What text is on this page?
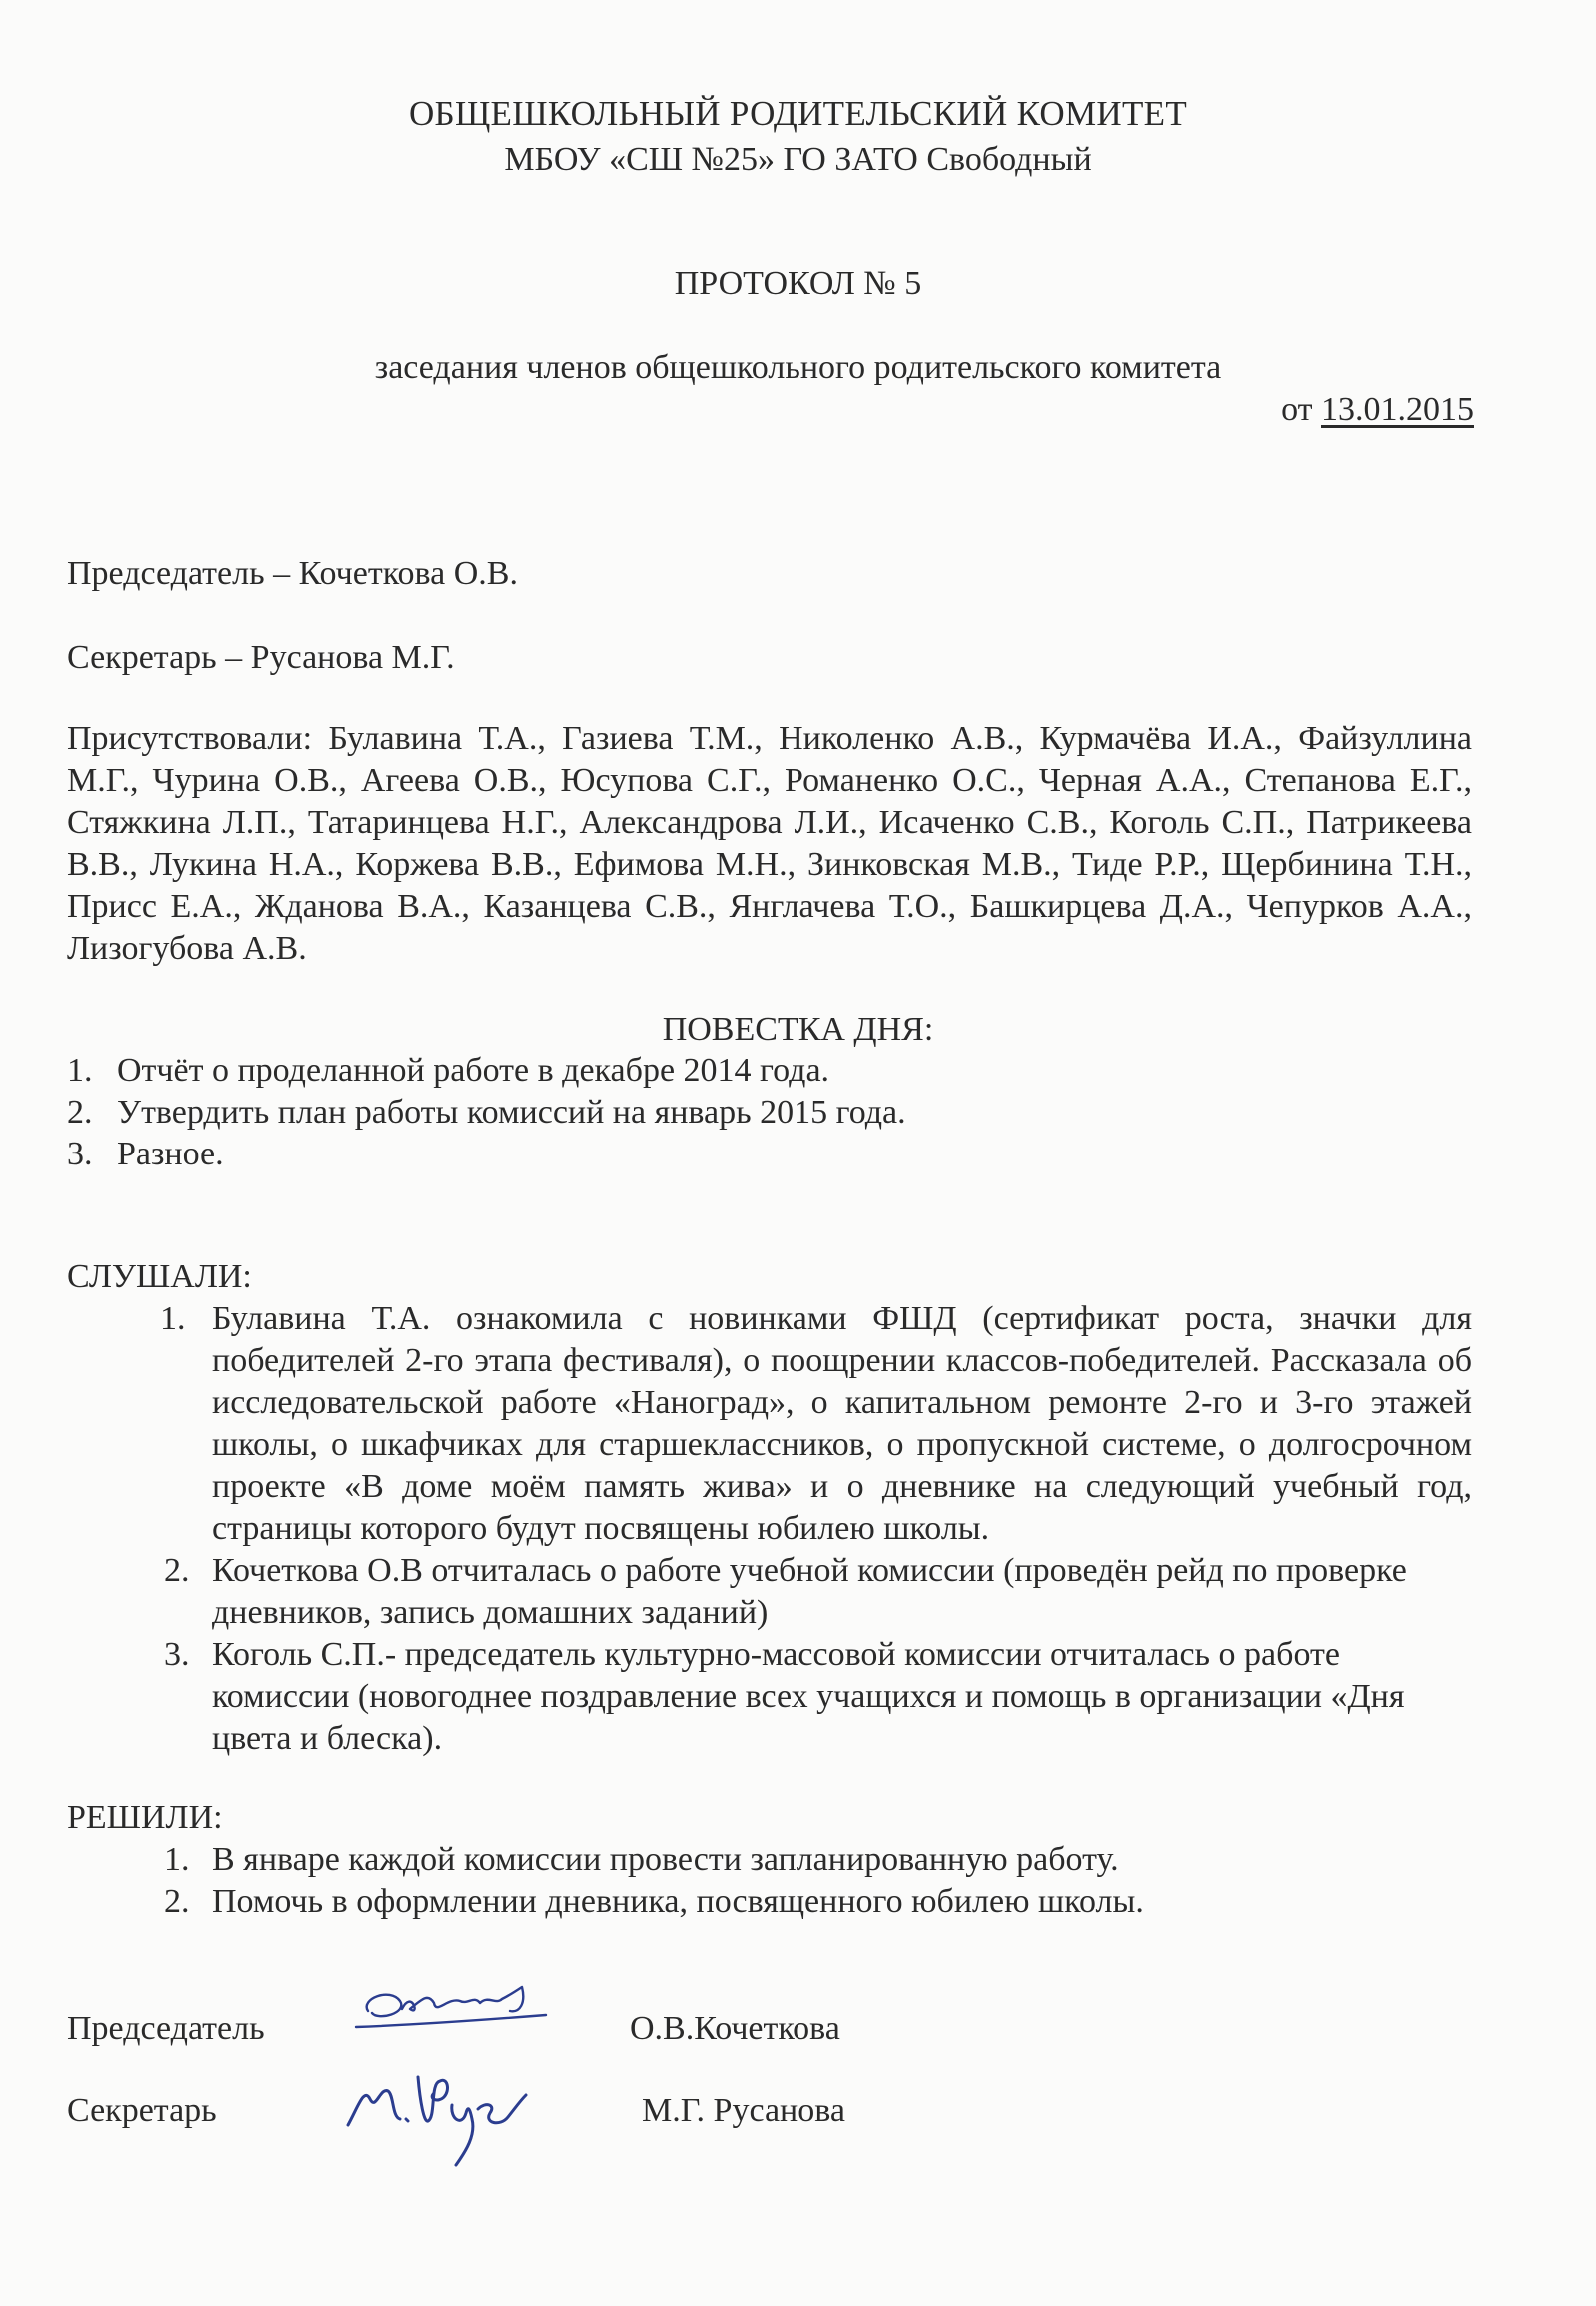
ОБЩЕШКОЛЬНЫЙ РОДИТЕЛЬСКИЙ КОМИТЕТ
МБОУ «СШ №25» ГО ЗАТО Свободный
ПРОТОКОЛ № 5
заседания членов общешкольного родительского комитета
от 13.01.2015
Председатель – Кочеткова О.В.
Секретарь – Русанова М.Г.
Присутствовали: Булавина Т.А., Газиева Т.М., Николенко А.В., Курмачёва И.А., Файзуллина М.Г., Чурина О.В., Агеева О.В., Юсупова С.Г., Романенко О.С., Черная А.А., Степанова Е.Г., Стяжкина Л.П., Татаринцева Н.Г., Александрова Л.И., Исаченко С.В., Коголь С.П., Патрикеева В.В., Лукина Н.А., Коржева В.В., Ефимова М.Н., Зинковская М.В., Тиде Р.Р., Щербинина Т.Н., Присс Е.А., Жданова В.А., Казанцева С.В., Янглачева Т.О., Башкирцева Д.А., Чепурков А.А., Лизогубова А.В.
ПОВЕСТКА ДНЯ:
1. Отчёт о проделанной работе в декабре 2014 года.
2. Утвердить план работы комиссий на январь 2015 года.
3. Разное.
СЛУШАЛИ:
1. Булавина Т.А. ознакомила с новинками ФШД (сертификат роста, значки для победителей 2-го этапа фестиваля), о поощрении классов-победителей. Рассказала об исследовательской работе «Наноград», о капитальном ремонте 2-го и 3-го этажей школы, о шкафчиках для старшеклассников, о пропускной системе, о долгосрочном проекте «В доме моём память жива» и о дневнике на следующий учебный год, страницы которого будут посвящены юбилею школы.
2. Кочеткова О.В отчиталась о работе учебной комиссии (проведён рейд по проверке дневников, запись домашних заданий)
3. Коголь С.П.- председатель культурно-массовой комиссии отчиталась о работе комиссии (новогоднее поздравление всех учащихся и помощь в организации «Дня цвета и блеска).
РЕШИЛИ:
1. В январе каждой комиссии провести запланированную работу.
2. Помочь в оформлении дневника, посвященного юбилею школы.
Председатель	О.В.Кочеткова
Секретарь	М.Г. Русанова
